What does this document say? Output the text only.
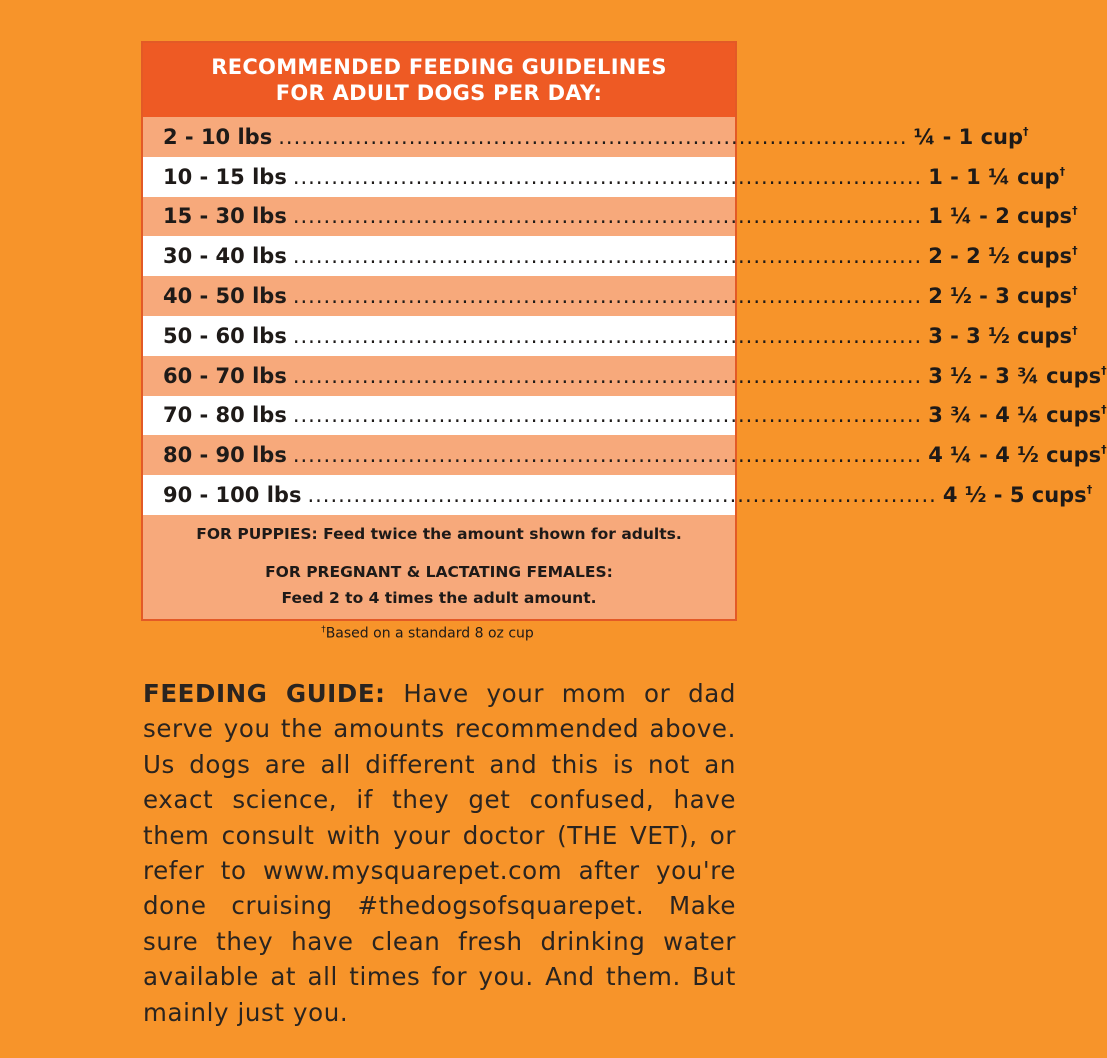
RECOMMENDED FEEDING GUIDELINES
FOR ADULT DOGS PER DAY:
2 - 10 lbs .................................................................................. ¼ - 1 cup†
10 - 15 lbs .................................................................................. 1 - 1 ¼ cup†
15 - 30 lbs .................................................................................. 1 ¼ - 2 cups†
30 - 40 lbs .................................................................................. 2 - 2 ½ cups†
40 - 50 lbs .................................................................................. 2 ½ - 3 cups†
50 - 60 lbs .................................................................................. 3 - 3 ½ cups†
60 - 70 lbs .................................................................................. 3 ½ - 3 ¾ cups†
70 - 80 lbs .................................................................................. 3 ¾ - 4 ¼ cups†
80 - 90 lbs .................................................................................. 4 ¼ - 4 ½ cups†
90 - 100 lbs .................................................................................. 4 ½ - 5 cups†
FOR PUPPIES: Feed twice the amount shown for adults.
FOR PREGNANT & LACTATING FEMALES:
Feed 2 to 4 times the adult amount.
†Based on a standard 8 oz cup
FEEDING GUIDE: Have your mom or dad serve you the amounts recommended above. Us dogs are all different and this is not an exact science, if they get confused, have them consult with your doctor (THE VET), or refer to www.mysquarepet.com after you're done cruising #thedogsofsquarepet. Make sure they have clean fresh drinking water available at all times for you. And them. But mainly just you.
